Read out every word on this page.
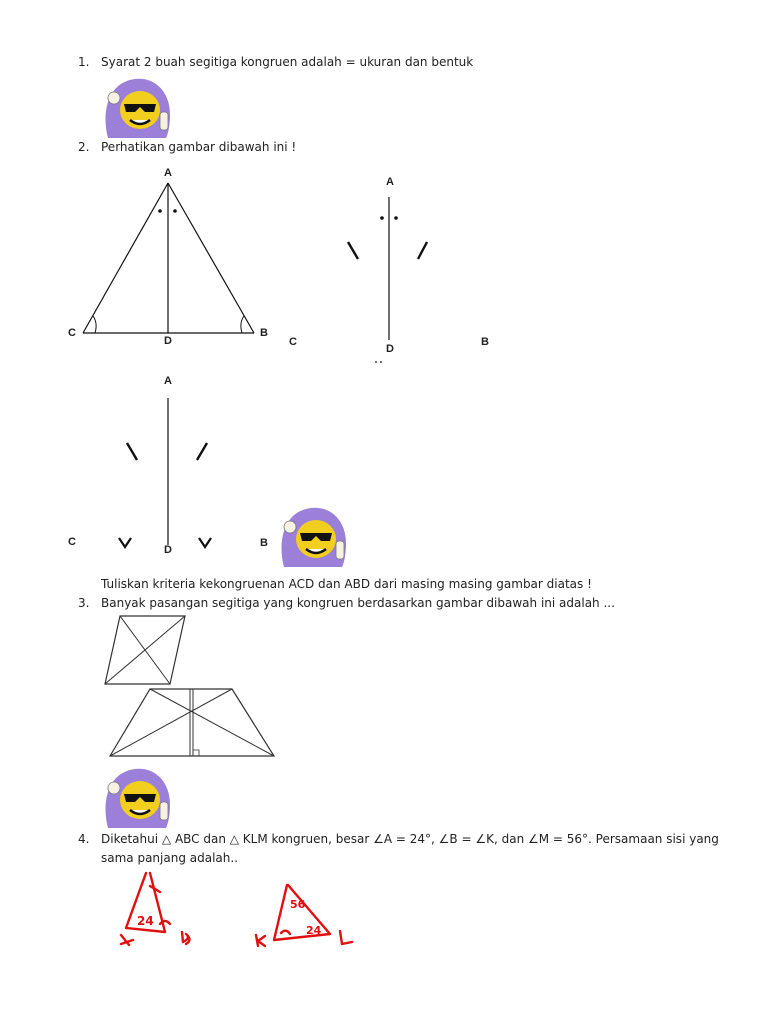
1. Syarat 2 buah segitiga kongruen adalah = ukuran dan bentuk
2. Perhatikan gambar dibawah ini !
A
C	B
D
A
C	B
D
A
C	B
D
Tuliskan kriteria kekongruenan ACD dan ABD dari masing masing gambar diatas !
3. Banyak pasangan segitiga yang kongruen berdasarkan gambar dibawah ini adalah ...
4. Diketahui △ ABC dan △ KLM kongruen, besar ∠A = 24°, ∠B = ∠K, dan ∠M = 56°. Persamaan sisi yang
sama panjang adalah..
24
56
24
